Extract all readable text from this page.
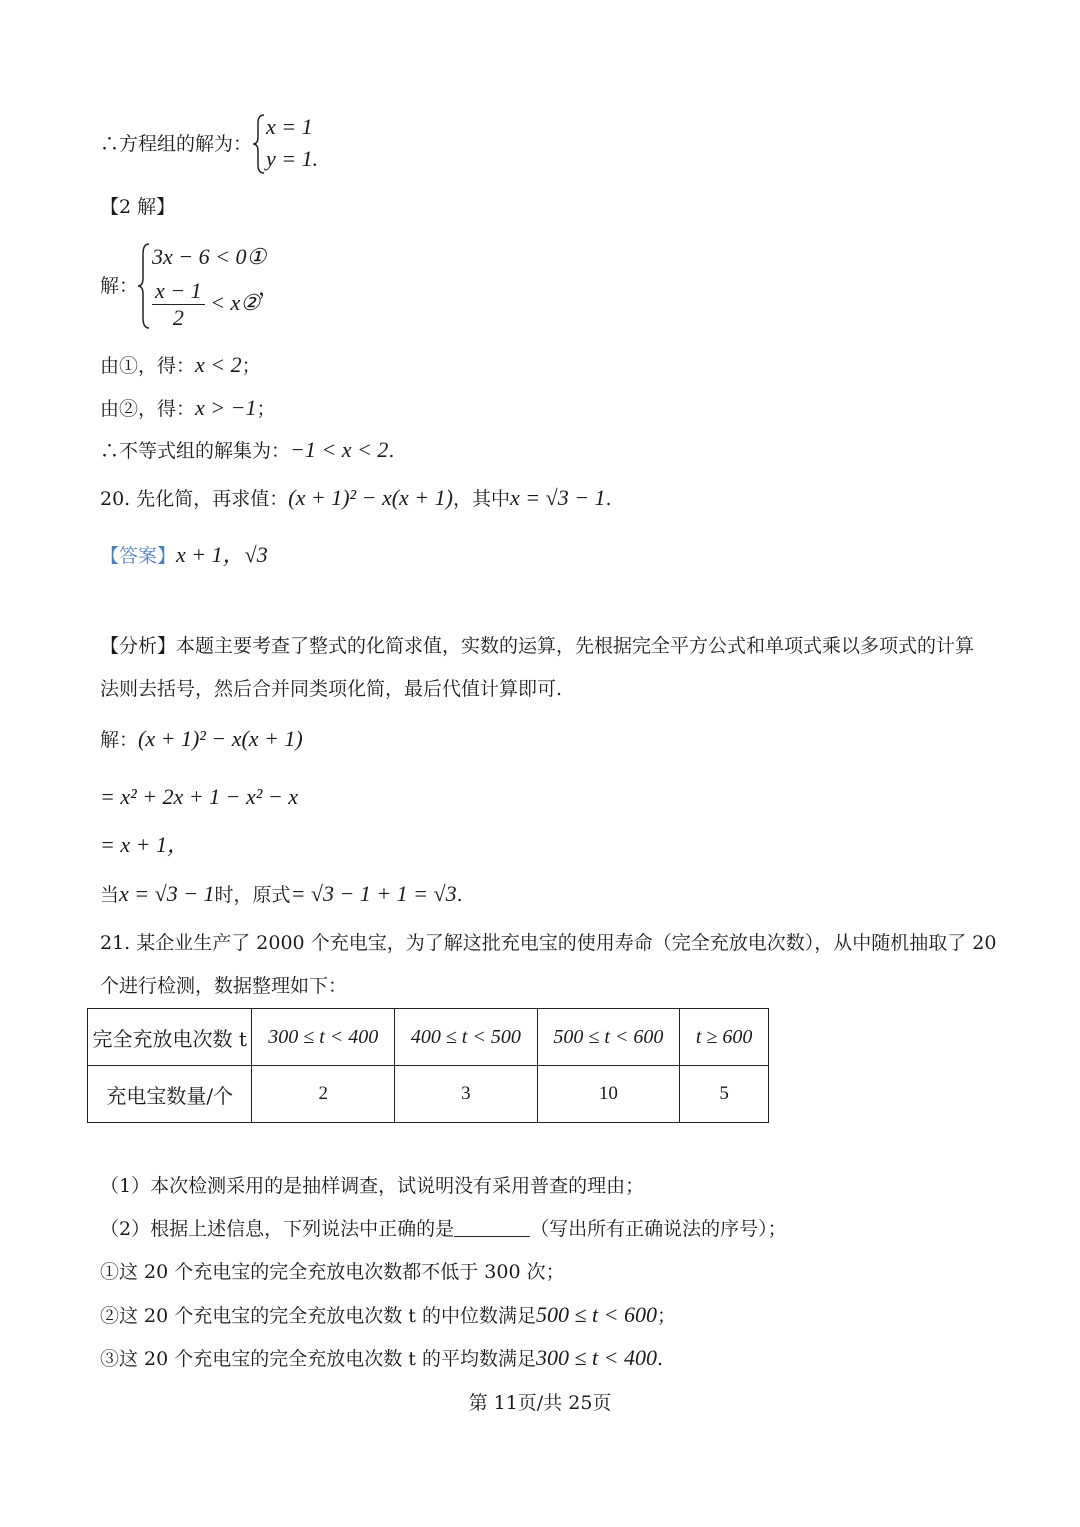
∴方程组的解为：
x = 1
y = 1 .
【2 解】
解：
3x − 6 < 0①
$\frac{x - 1}{2}$ < x②
，
由①，得：x < 2；
由②，得：x > −1；
∴不等式组的解集为：−1 < x < 2.
20. 先化简，再求值：(x + 1)² − x(x + 1)，其中x = √3 − 1.
【答案】x + 1，√3
【分析】本题主要考查了整式的化简求值，实数的运算，先根据完全平方公式和单项式乘以多项式的计算
法则去括号，然后合并同类项化简，最后代值计算即可.
解：(x + 1)² − x(x + 1)
= x² + 2x + 1 − x² − x
= x + 1，
当x = √3 − 1时，原式= √3 − 1 + 1 = √3.
21. 某企业生产了 2000 个充电宝，为了解这批充电宝的使用寿命（完全充放电次数），从中随机抽取了 20
个进行检测，数据整理如下：
完全充放电次数 t	300 ≤ t < 400	400 ≤ t < 500	500 ≤ t < 600	t ≥ 600
充电宝数量/个	2	3	10	5
（1）本次检测采用的是抽样调查，试说明没有采用普查的理由；
（2）根据上述信息，下列说法中正确的是	（写出所有正确说法的序号）；
①这 20 个充电宝的完全充放电次数都不低于 300 次；
②这 20 个充电宝的完全充放电次数 t 的中位数满足500 ≤ t < 600；
③这 20 个充电宝的完全充放电次数 t 的平均数满足300 ≤ t < 400.
第 11页/共 25页
